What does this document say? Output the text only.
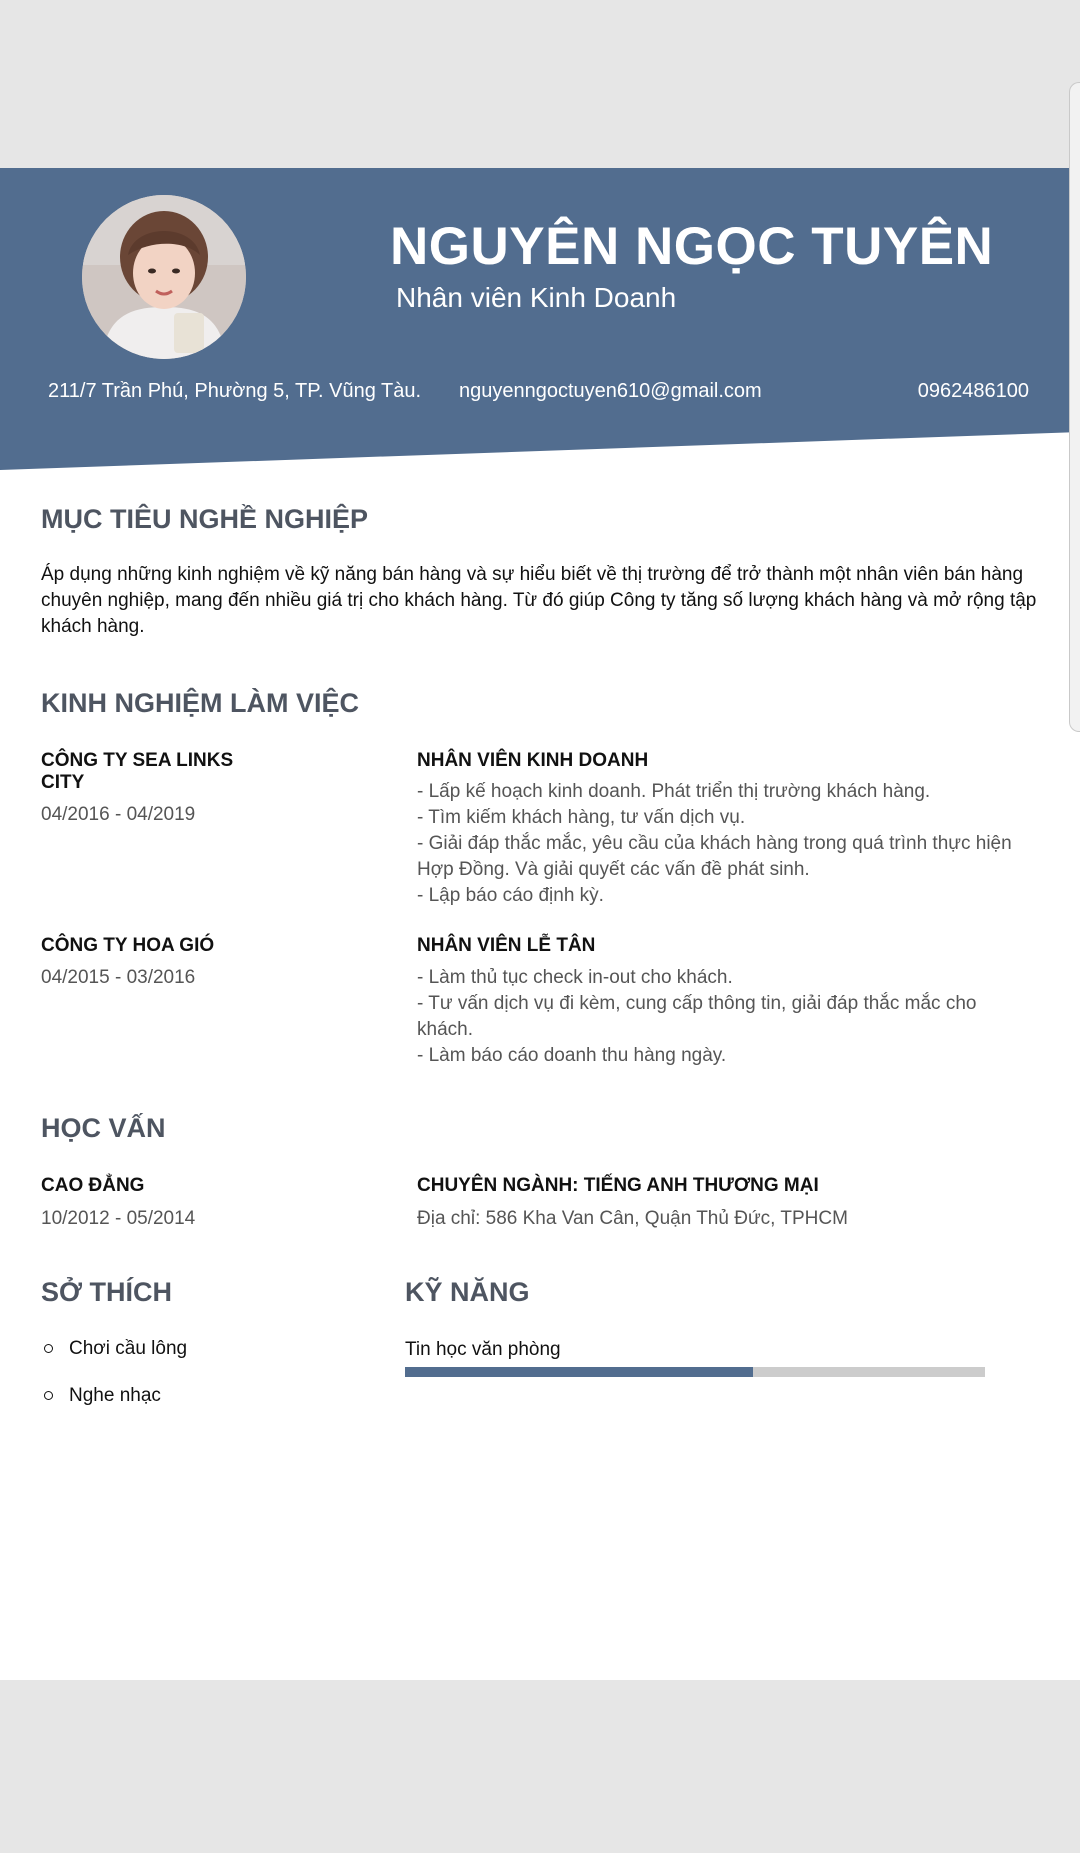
NGUYÊN NGỌC TUYÊN
Nhân viên Kinh Doanh
211/7 Trần Phú, Phường 5, TP. Vũng Tàu. nguyenngoctuyen610@gmail.com	0962486100
MỤC TIÊU NGHỀ NGHIỆP
Áp dụng những kinh nghiệm về kỹ năng bán hàng và sự hiểu biết về thị trường để trở thành một nhân viên bán hàng chuyên nghiệp, mang đến nhiều giá trị cho khách hàng. Từ đó giúp Công ty tăng số lượng khách hàng và mở rộng tập khách hàng.
KINH NGHIỆM LÀM VIỆC
CÔNG TY SEA LINKS CITY
04/2016 - 04/2019
NHÂN VIÊN KINH DOANH
- Lấp kế hoạch kinh doanh. Phát triển thị trường khách hàng.
- Tìm kiếm khách hàng, tư vấn dịch vụ.
- Giải đáp thắc mắc, yêu cầu của khách hàng trong quá trình thực hiện Hợp Đồng. Và giải quyết các vấn đề phát sinh.
- Lập báo cáo định kỳ.
CÔNG TY HOA GIÓ
04/2015 - 03/2016
NHÂN VIÊN LỄ TÂN
- Làm thủ tục check in-out cho khách.
- Tư vấn dịch vụ đi kèm, cung cấp thông tin, giải đáp thắc mắc cho khách.
- Làm báo cáo doanh thu hàng ngày.
HỌC VẤN
CAO ĐẲNG
10/2012 - 05/2014
CHUYÊN NGÀNH: TIẾNG ANH THƯƠNG MẠI
Địa chỉ: 586 Kha Van Cân, Quận Thủ Đức, TPHCM
SỞ THÍCH
Chơi cầu lông
Nghe nhạc
KỸ NĂNG
Tin học văn phòng
